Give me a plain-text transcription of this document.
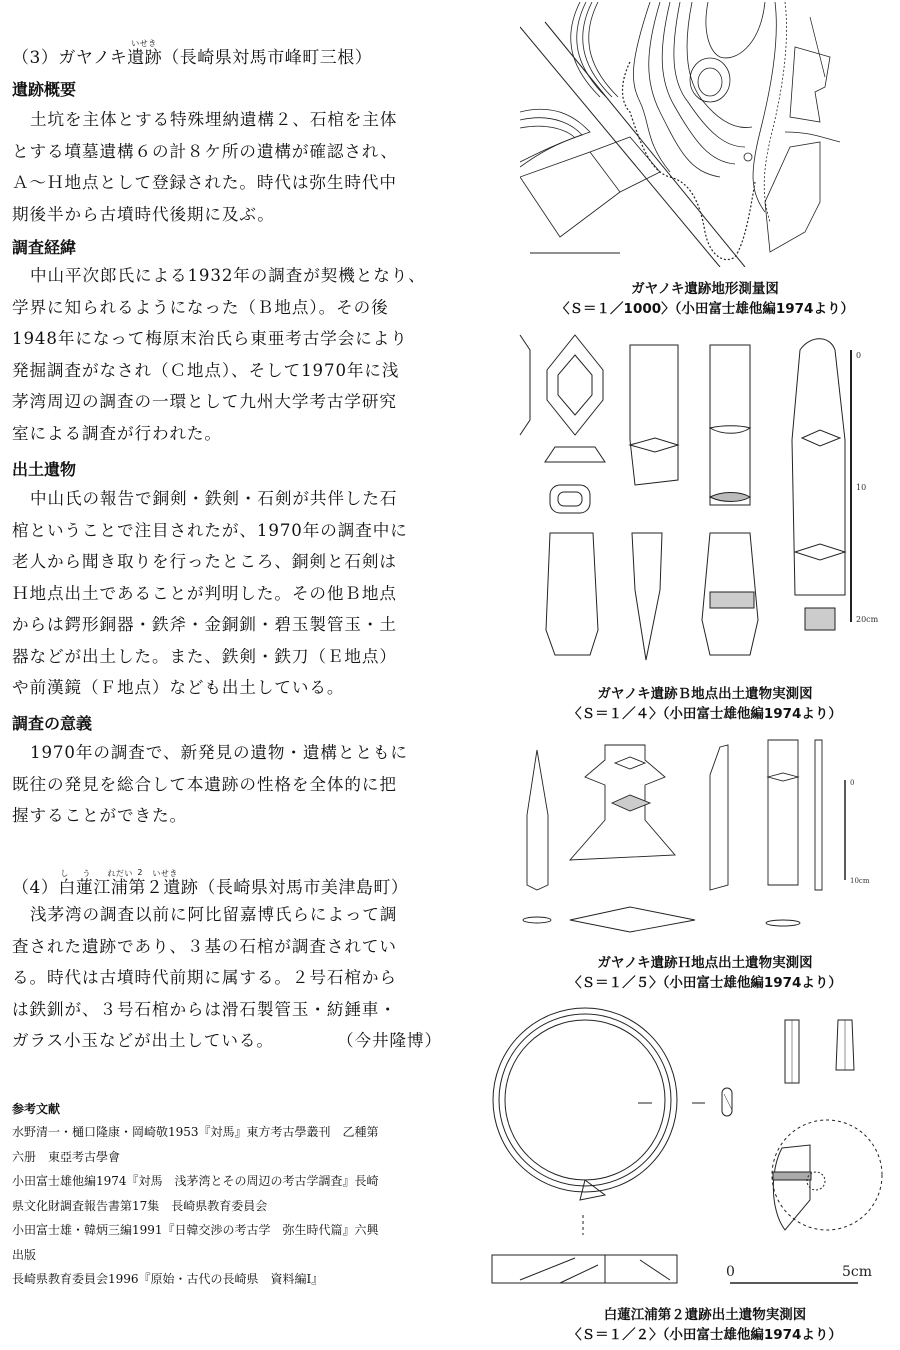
（3）ガヤノキ
いせき
遺跡（長崎県対馬市峰町三根）
遺跡概要
土坑を主体とする特殊埋納遺構２、石棺を主体
とする墳墓遺構６の計８ケ所の遺構が確認され、
Ａ～Ｈ地点として登録された。時代は弥生時代中
期後半から古墳時代後期に及ぶ。
調査経緯
中山平次郎氏による1932年の調査が契機となり、
学界に知られるようになった（Ｂ地点）。その後
1948年になって梅原末治氏ら東亜考古学会により
発掘調査がなされ（Ｃ地点）、そして1970年に浅
茅湾周辺の調査の一環として九州大学考古学研究
室による調査が行われた。
出土遺物
中山氏の報告で銅剣・鉄剣・石剣が共伴した石
棺ということで注目されたが、1970年の調査中に
老人から聞き取りを行ったところ、銅剣と石剣は
Ｈ地点出土であることが判明した。その他Ｂ地点
からは鍔形銅器・鉄斧・金銅釧・碧玉製管玉・土
器などが出土した。また、鉄剣・鉄刀（Ｅ地点）
や前漢鏡（Ｆ地点）なども出土している。
調査の意義
1970年の調査で、新発見の遺物・遺構とともに
既往の発見を総合して本遺跡の性格を全体的に把
握することができた。
（4）
し う れだい 2 いせき
白蓮江浦第２遺跡（長崎県対馬市美津島町）
浅茅湾の調査以前に阿比留嘉博氏らによって調
査された遺跡であり、３基の石棺が調査されてい
る。時代は古墳時代前期に属する。２号石棺から
は鉄釧が、３号石棺からは滑石製管玉・紡錘車・
ガラス小玉などが出土している。	（今井隆博）
参考文献
水野清一・樋口隆康・岡崎敬1953『対馬』東方考古學叢刊　乙種第
六册　東亞考古學會
小田富士雄他編1974『対馬　浅茅湾とその周辺の考古学調査』長崎
県文化財調査報告書第17集　長崎県教育委員会
小田富士雄・韓炳三編1991『日韓交渉の考古学　弥生時代篇』六興
出版
長崎県教育委員会1996『原始・古代の長崎県　資料編Ⅰ』
ガヤノキ遺跡地形測量図
〈Ｓ＝１／1000〉（小田富士雄他編1974より）
0
10
20cm
ガヤノキ遺跡Ｂ地点出土遺物実測図
〈Ｓ＝１／４〉（小田富士雄他編1974より）
0
10cm
ガヤノキ遺跡Ｈ地点出土遺物実測図
〈Ｓ＝１／５〉（小田富士雄他編1974より）
0	5cm
白蓮江浦第２遺跡出土遺物実測図
〈Ｓ＝１／２〉（小田富士雄他編1974より）
